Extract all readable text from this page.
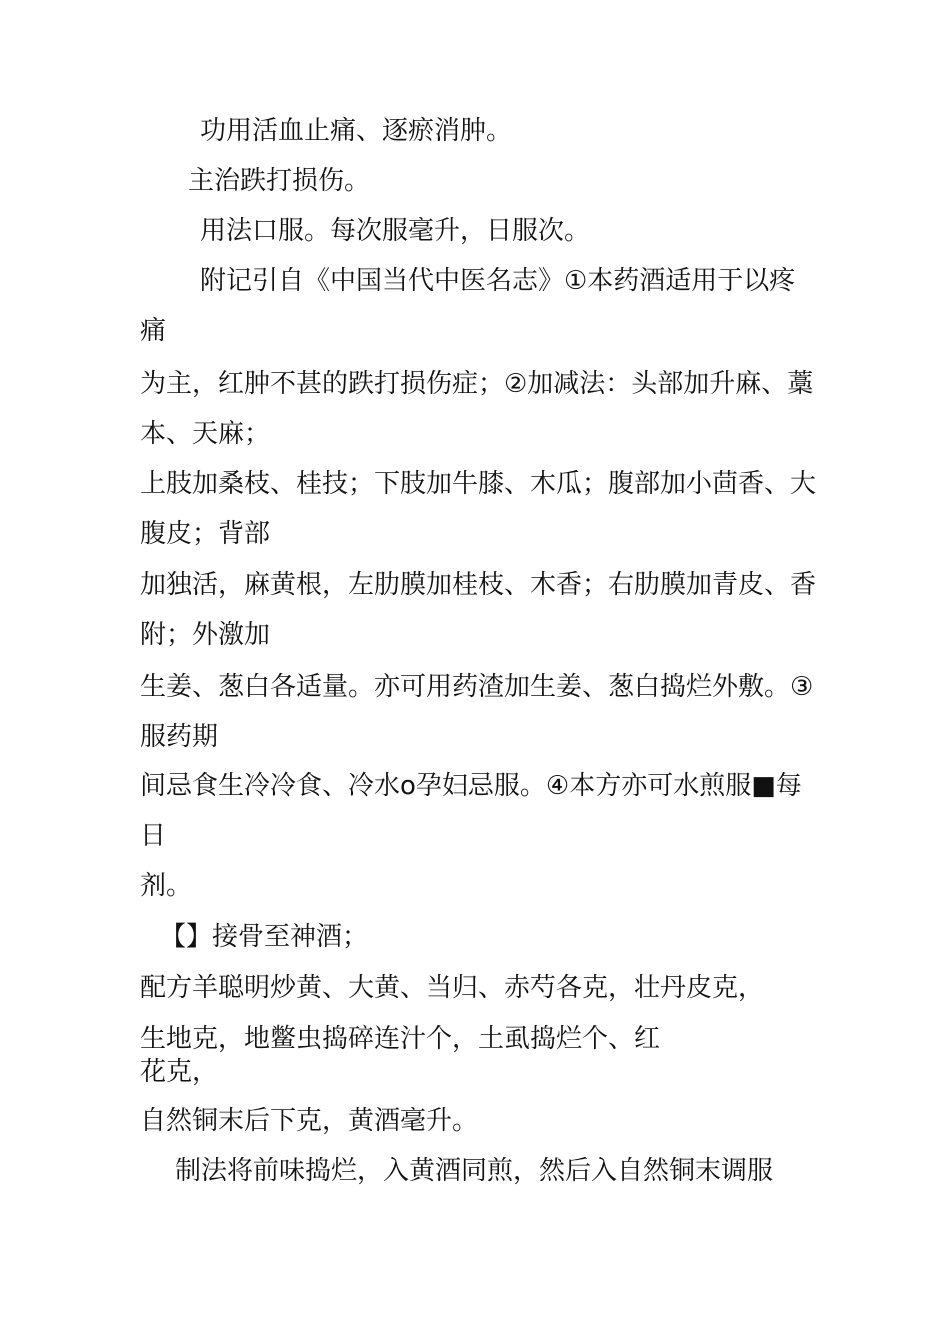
功用活血止痛、逐瘀消肿。
主治跌打损伤。
用法口服。每次服毫升，日服次。
附记引自《中国当代中医名志》①本药酒适用于以疼
痛
为主，红肿不甚的跌打损伤症；②加减法：头部加升麻、藁
本、天麻；
上肢加桑枝、桂技；下肢加牛膝、木瓜；腹部加小茴香、大
腹皮；背部
加独活，麻黄根，左肋膜加桂枝、木香；右肋膜加青皮、香
附；外激加
生姜、葱白各适量。亦可用药渣加生姜、葱白捣烂外敷。③
服药期
间忌食生冷冷食、冷水ο孕妇忌服。④本方亦可水煎服■每
日
剂。
【】接骨至神酒；
配方羊聪明炒黄、大黄、当归、赤芍各克，壮丹皮克，
生地克，地鳖虫捣碎连汁个，土虱捣烂个、红
花克，
自然铜末后下克，黄酒毫升。
制法将前味捣烂，入黄酒同煎，然后入自然铜末调服
